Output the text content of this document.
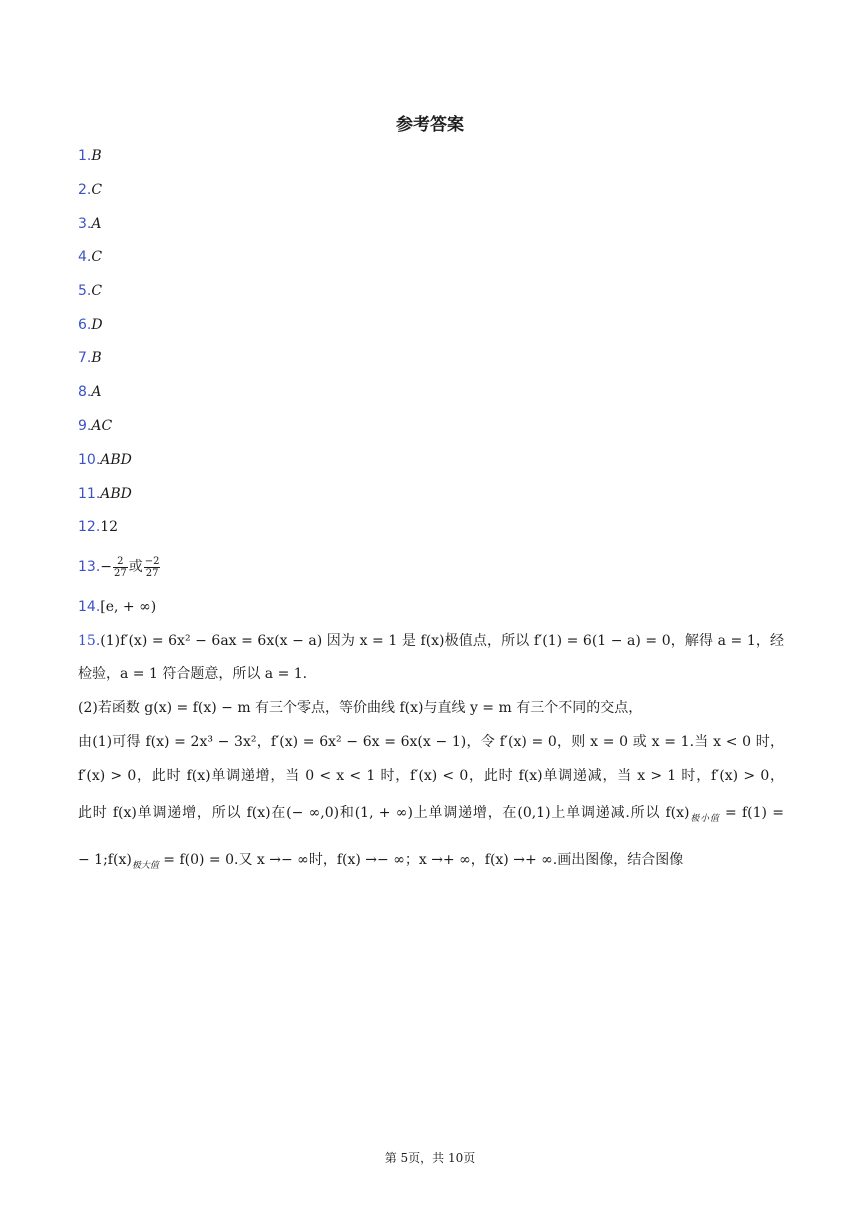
参考答案
1.B
2.C
3.A
4.C
5.C
6.D
7.B
8.A
9.AC
10.ABD
11.ABD
12.12
$13.- \frac{2}{27}$ 或 $\frac{-2}{27}$
14.[e, + ∞)
15.(1)f′(x) = 6x² − 6ax = 6x(x − a) 因为 x = 1 是 f(x)极值点，所以 f′(1) = 6(1 − a) = 0，解得 a = 1，经
检验，a = 1 符合题意，所以 a = 1.
(2)若函数 g(x) = f(x) − m 有三个零点，等价曲线 f(x)与直线 y = m 有三个不同的交点，
由(1)可得 f(x) = 2x³ − 3x²，f′(x) = 6x² − 6x = 6x(x − 1)，令 f′(x) = 0，则 x = 0 或 x = 1.当 x < 0 时，
f′(x) > 0，此时 f(x)单调递增，当 0 < x < 1 时，f′(x) < 0，此时 f(x)单调递减，当 x > 1 时，f′(x) > 0，
此时 f(x)单调递增，所以 f(x)在(− ∞,0)和(1, + ∞)上单调递增，在(0,1)上单调递减.所以 $f(x)_{极小值} = f(1)$ =
− $1;f(x)_{极大值} = f(0) = 0$.又 x →− ∞时，f(x) →− ∞；x →+ ∞，f(x) →+ ∞.画出图像，结合图像
第 5页，共 10页
